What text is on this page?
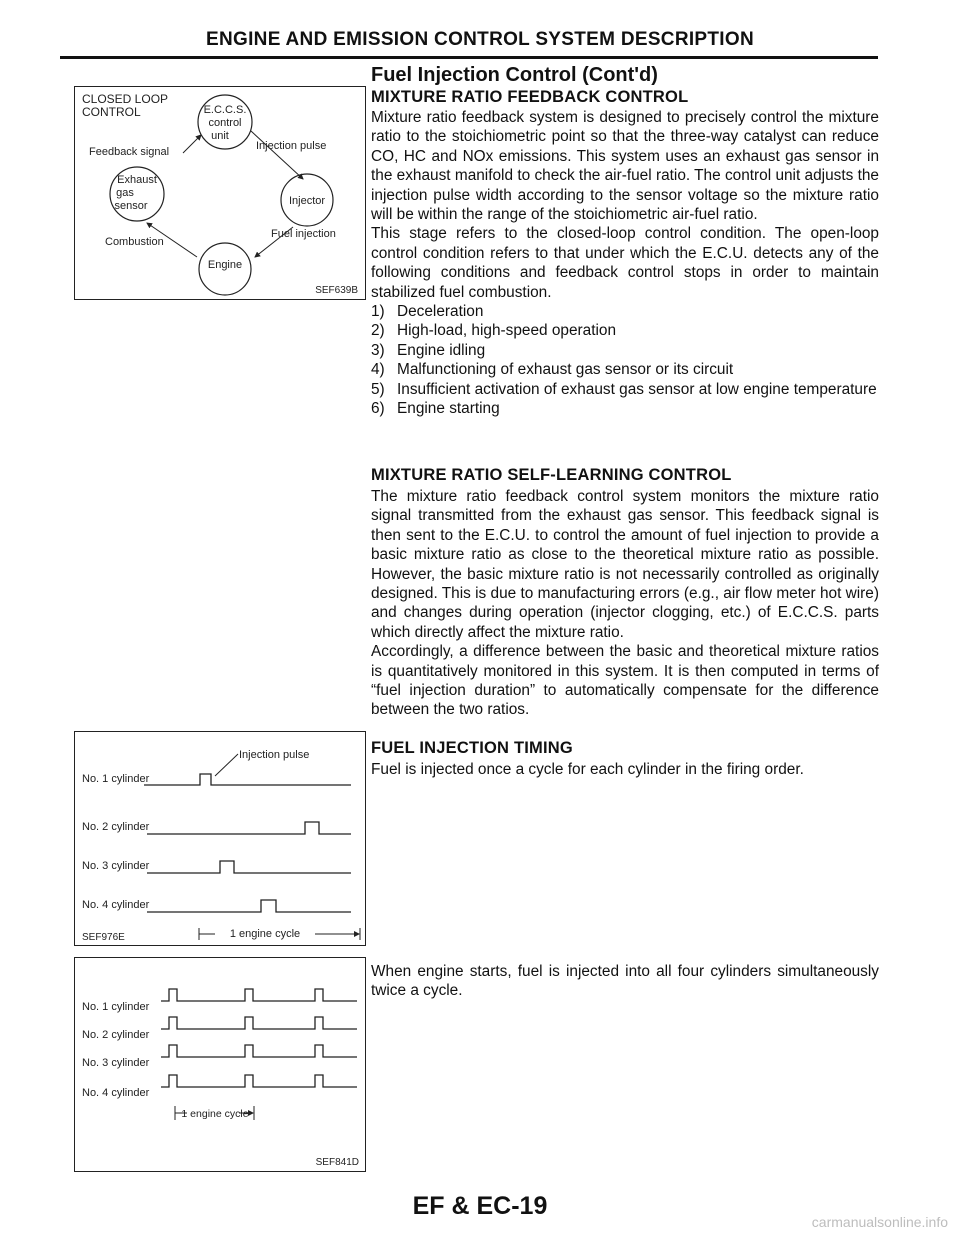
ENGINE AND EMISSION CONTROL SYSTEM DESCRIPTION
CLOSED LOOP
CONTROL	E.C.C.S.
control
unit
Feedback signal	Injection pulse
Exhaust
gas
sensor	Injector
Combustion
Fuel injection
Engine
SEF639B
Injection pulse
No. 1 cylinder
No. 2 cylinder
No. 3 cylinder
No. 4 cylinder
1 engine cycle
SEF976E
No. 1 cylinder
No. 2 cylinder
No. 3 cylinder
No. 4 cylinder
1 engine cycle
SEF841D
Fuel Injection Control (Cont'd)
MIXTURE RATIO FEEDBACK CONTROL

Mixture ratio feedback system is designed to precisely control the mixture ratio to the stoichiometric point so that the three-way catalyst can reduce CO, HC and NOx emissions. This system uses an exhaust gas sensor in the exhaust manifold to check the air-fuel ratio. The control unit adjusts the injection pulse width according to the sensor voltage so the mixture ratio will be within the range of the stoichiometric air-fuel ratio.

This stage refers to the closed-loop control condition. The open-loop control condition refers to that under which the E.C.U. detects any of the following conditions and feedback control stops in order to maintain stabilized fuel combustion.

1) Deceleration
2) High-load, high-speed operation
3) Engine idling
4) Malfunctioning of exhaust gas sensor or its circuit
5) Insufficient activation of exhaust gas sensor at low engine temperature
6) Engine starting
MIXTURE RATIO SELF-LEARNING CONTROL

The mixture ratio feedback control system monitors the mixture ratio signal transmitted from the exhaust gas sensor. This feedback signal is then sent to the E.C.U. to control the amount of fuel injection to provide a basic mixture ratio as close to the theoretical mixture ratio as possible. However, the basic mixture ratio is not necessarily controlled as originally designed. This is due to manufacturing errors (e.g., air flow meter hot wire) and changes during operation (injector clogging, etc.) of E.C.C.S. parts which directly affect the mixture ratio.

Accordingly, a difference between the basic and theoretical mixture ratios is quantitatively monitored in this system. It is then computed in terms of “fuel injection duration” to automatically compensate for the difference between the two ratios.

FUEL INJECTION TIMING

Fuel is injected once a cycle for each cylinder in the firing order.

When engine starts, fuel is injected into all four cylinders simultaneously twice a cycle.

EF & EC-19
carmanualsonline.info
